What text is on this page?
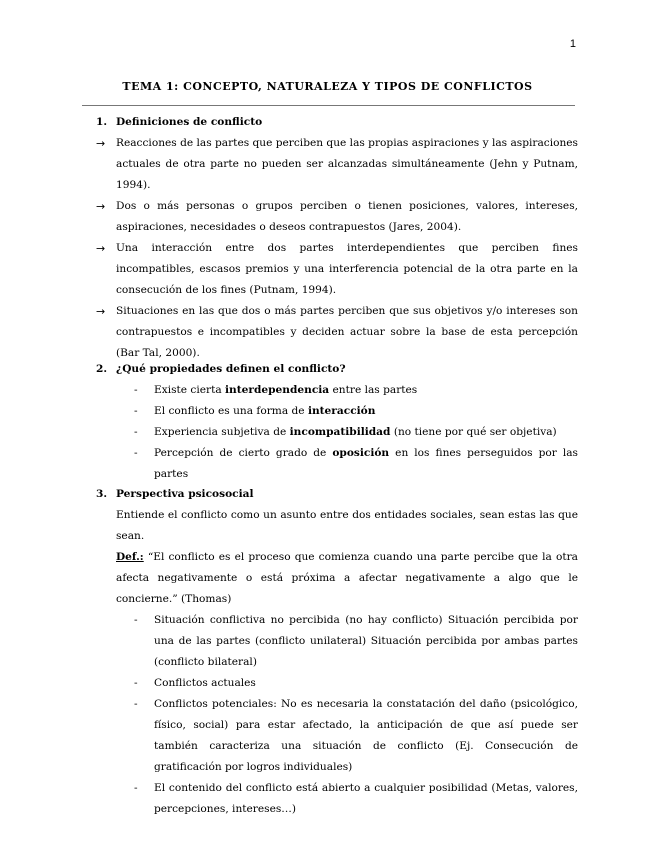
1
TEMA 1: CONCEPTO, NATURALEZA Y TIPOS DE CONFLICTOS
1. Definiciones de conflicto
→ Reacciones de las partes que perciben que las propias aspiraciones y las aspiraciones actuales de otra parte no pueden ser alcanzadas simultáneamente (Jehn y Putnam, 1994).
→ Dos o más personas o grupos perciben o tienen posiciones, valores, intereses, aspiraciones, necesidades o deseos contrapuestos (Jares, 2004).
→ Una interacción entre dos partes interdependientes que perciben fines incompatibles, escasos premios y una interferencia potencial de la otra parte en la consecución de los fines (Putnam, 1994).
→ Situaciones en las que dos o más partes perciben que sus objetivos y/o intereses son contrapuestos e incompatibles y deciden actuar sobre la base de esta percepción (Bar Tal, 2000).
2. ¿Qué propiedades definen el conflicto?
- Existe cierta interdependencia entre las partes
- El conflicto es una forma de interacción
- Experiencia subjetiva de incompatibilidad (no tiene por qué ser objetiva)
- Percepción de cierto grado de oposición en los fines perseguidos por las partes
3. Perspectiva psicosocial
Entiende el conflicto como un asunto entre dos entidades sociales, sean estas las que sean.
Def.: “El conflicto es el proceso que comienza cuando una parte percibe que la otra afecta negativamente o está próxima a afectar negativamente a algo que le concierne.” (Thomas)
- Situación conflictiva no percibida (no hay conflicto) Situación percibida por una de las partes (conflicto unilateral) Situación percibida por ambas partes (conflicto bilateral)
- Conflictos actuales
- Conflictos potenciales: No es necesaria la constatación del daño (psicológico, físico, social) para estar afectado, la anticipación de que así puede ser también caracteriza una situación de conflicto (Ej. Consecución de gratificación por logros individuales)
- El contenido del conflicto está abierto a cualquier posibilidad (Metas, valores, percepciones, intereses…)
